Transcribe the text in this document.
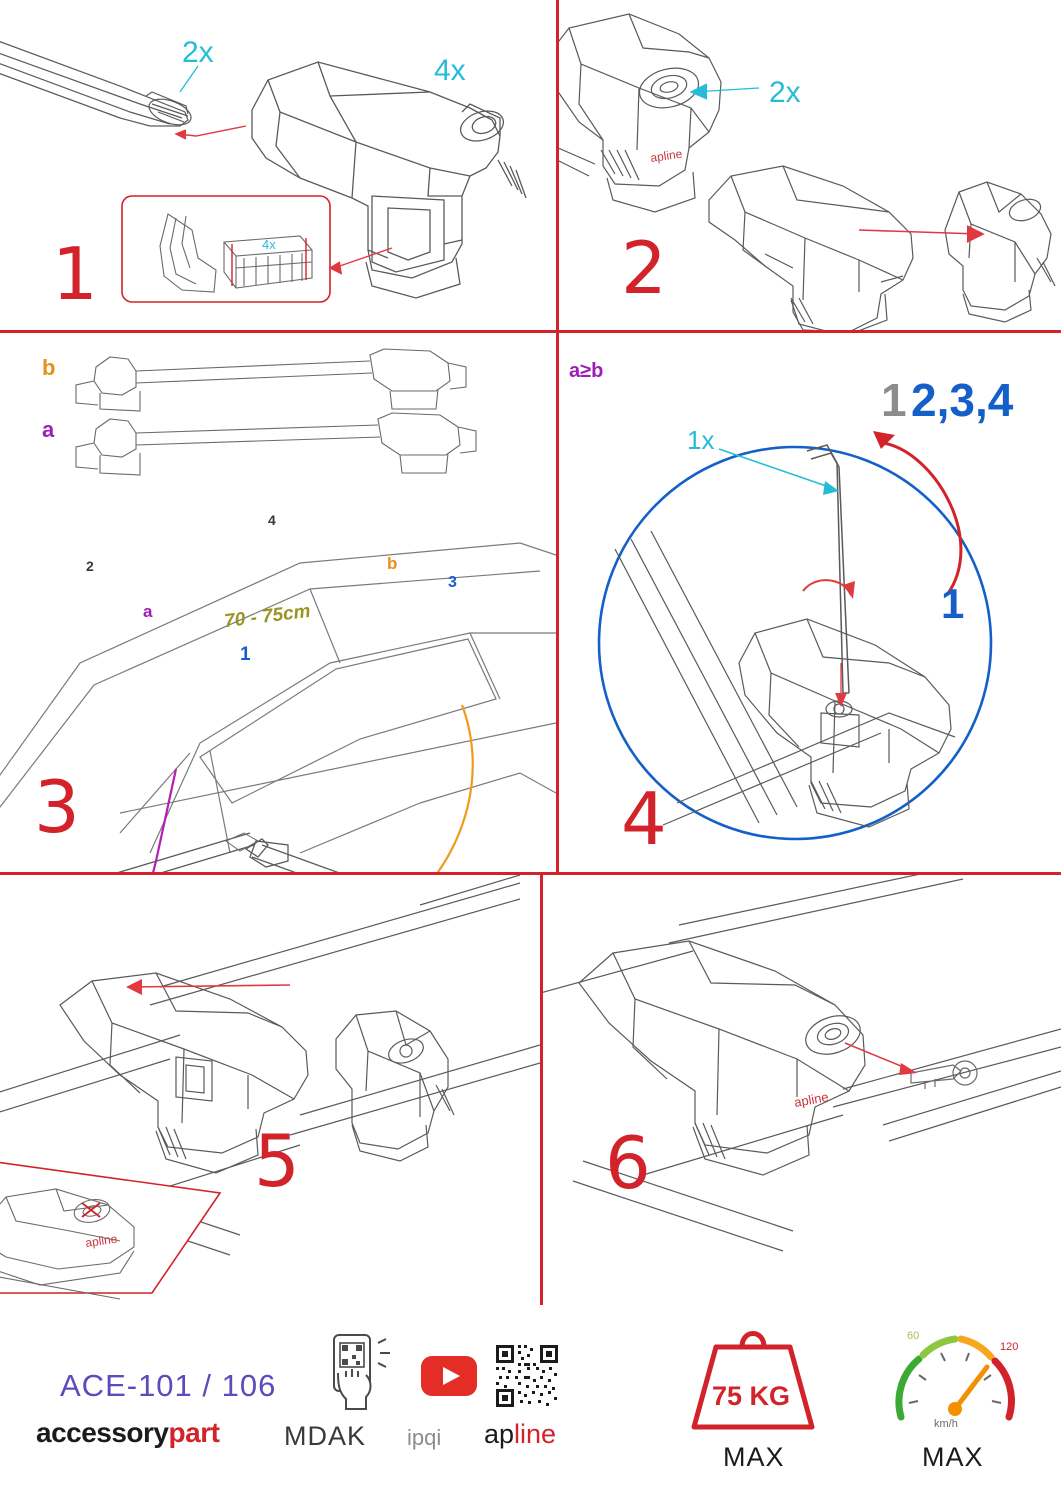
2x
4x
4x
1
apline
2x
2
b
a
a
b
70 - 75cm
1
2
3
4
3
a≥b
1x
1 2,3,4
1
4
apline
5
apline
6
ACE-101 / 106
accessorypart MDAK ipqi apline
75 KG
MAX
60
120
km/h
MAX
